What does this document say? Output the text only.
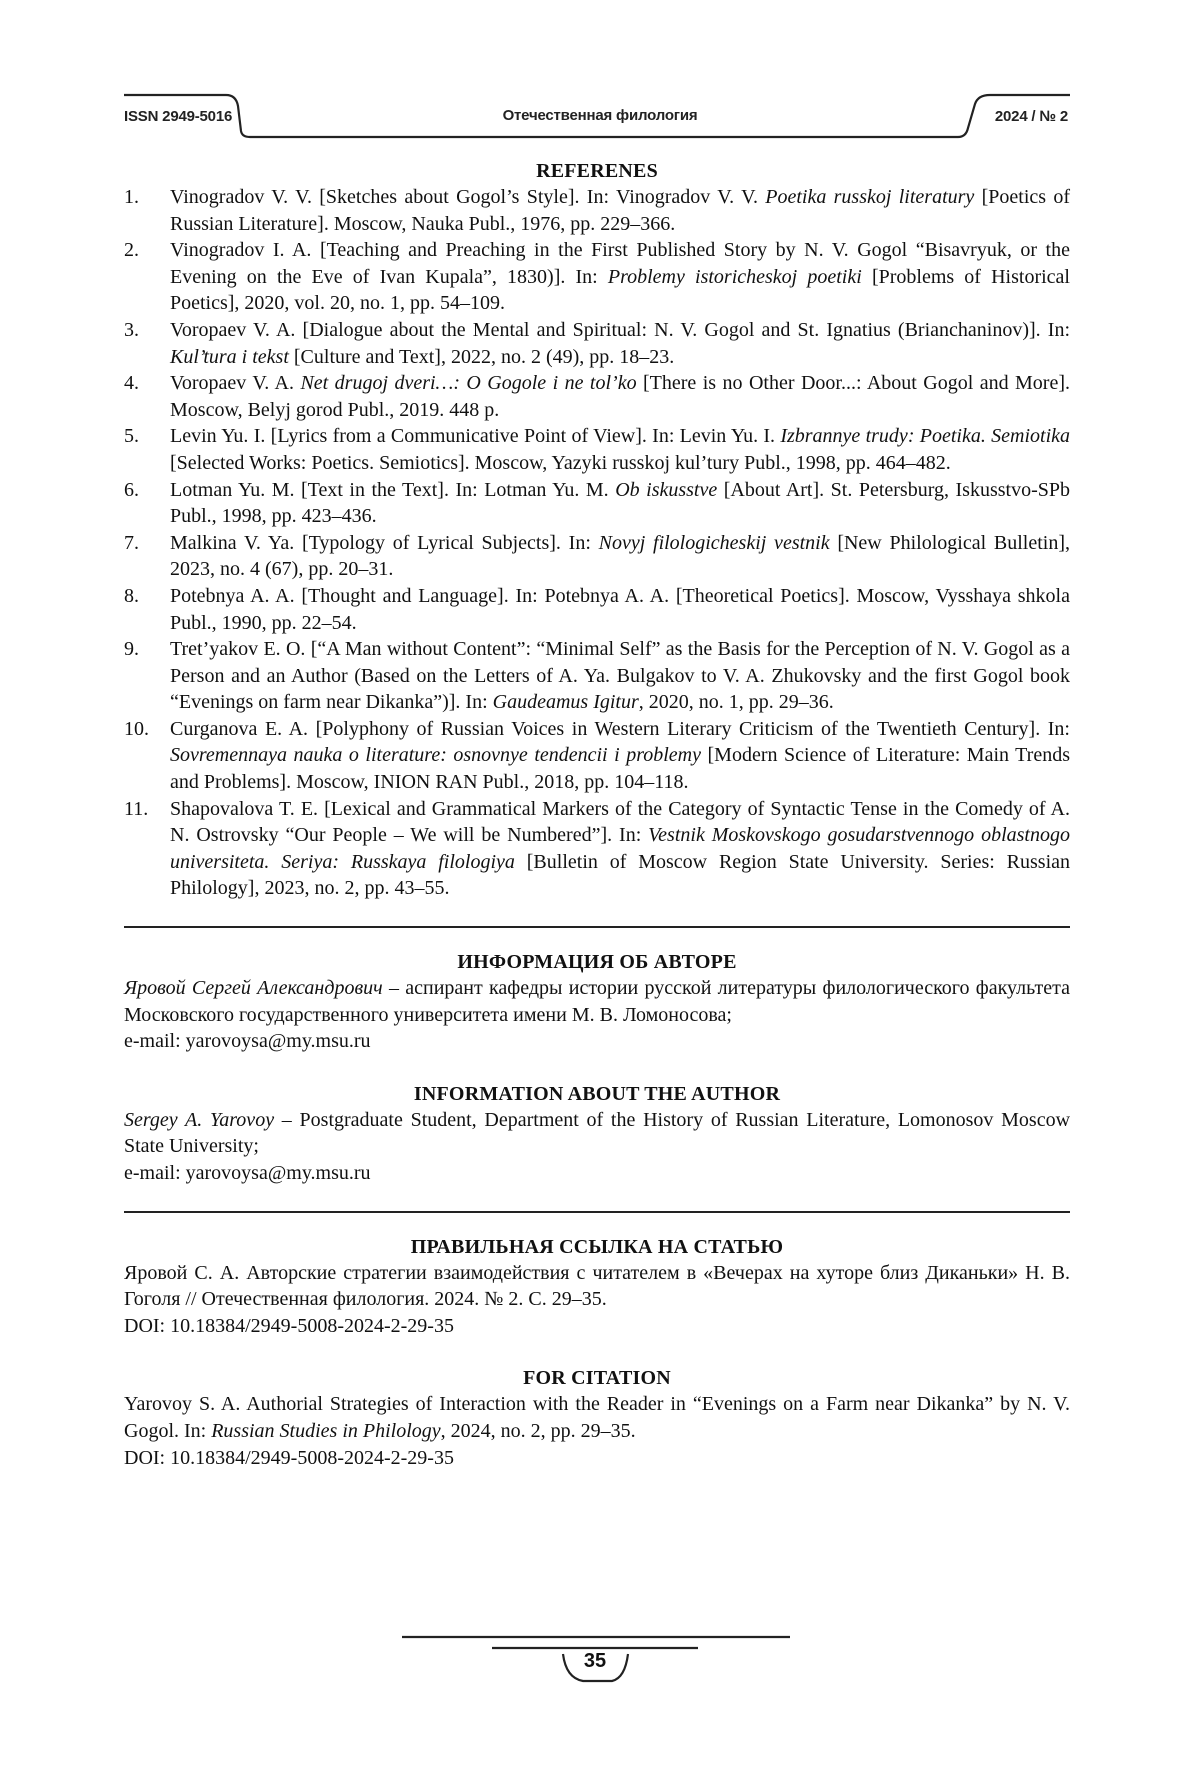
ISSN 2949-5016	Отечественная филология	2024 / № 2
REFERENES
1. Vinogradov V. V. [Sketches about Gogol’s Style]. In: Vinogradov V. V. Poetika russkoj literatury [Poetics of Russian Literature]. Moscow, Nauka Publ., 1976, pp. 229–366.
2. Vinogradov I. A. [Teaching and Preaching in the First Published Story by N. V. Gogol “Bisavryuk, or the Evening on the Eve of Ivan Kupala”, 1830)]. In: Problemy istoricheskoj poetiki [Problems of Historical Poetics], 2020, vol. 20, no. 1, pp. 54–109.
3. Voropaev V. A. [Dialogue about the Mental and Spiritual: N. V. Gogol and St. Ignatius (Brianchaninov)]. In: Kul’tura i tekst [Culture and Text], 2022, no. 2 (49), pp. 18–23.
4. Voropaev V. A. Net drugoj dveri…: O Gogole i ne tol’ko [There is no Other Door...: About Gogol and More]. Moscow, Belyj gorod Publ., 2019. 448 p.
5. Levin Yu. I. [Lyrics from a Communicative Point of View]. In: Levin Yu. I. Izbrannye trudy: Poetika. Semiotika [Selected Works: Poetics. Semiotics]. Moscow, Yazyki russkoj kul’tury Publ., 1998, pp. 464–482.
6. Lotman Yu. M. [Text in the Text]. In: Lotman Yu. M. Ob iskusstve [About Art]. St. Petersburg, Iskusstvo-SPb Publ., 1998, pp. 423–436.
7. Malkina V. Ya. [Typology of Lyrical Subjects]. In: Novyj filologicheskij vestnik [New Philological Bulletin], 2023, no. 4 (67), pp. 20–31.
8. Potebnya A. A. [Thought and Language]. In: Potebnya A. A. [Theoretical Poetics]. Moscow, Vysshaya shkola Publ., 1990, pp. 22–54.
9. Tret’yakov E. O. [“A Man without Content”: “Minimal Self” as the Basis for the Perception of N. V. Gogol as a Person and an Author (Based on the Letters of A. Ya. Bulgakov to V. A. Zhukovsky and the first Gogol book “Evenings on farm near Dikanka”)]. In: Gaudeamus Igitur, 2020, no. 1, pp. 29–36.
10. Curganova E. A. [Polyphony of Russian Voices in Western Literary Criticism of the Twentieth Century]. In: Sovremennaya nauka o literature: osnovnye tendencii i problemy [Modern Science of Literature: Main Trends and Problems]. Moscow, INION RAN Publ., 2018, pp. 104–118.
11. Shapovalova T. E. [Lexical and Grammatical Markers of the Category of Syntactic Tense in the Comedy of A. N. Ostrovsky “Our People – We will be Numbered”]. In: Vestnik Moskovskogo gosudarstvennogo oblastnogo universiteta. Seriya: Russkaya filologiya [Bulletin of Moscow Region State University. Series: Russian Philology], 2023, no. 2, pp. 43–55.
ИНФОРМАЦИЯ ОБ АВТОРЕ
Яровой Сергей Александрович – аспирант кафедры истории русской литературы филологического факультета Московского государственного университета имени М. В. Ломоносова;
e-mail: yarovoysa@my.msu.ru
INFORMATION ABOUT THE AUTHOR
Sergey A. Yarovoy – Postgraduate Student, Department of the History of Russian Literature, Lomonosov Moscow State University;
e-mail: yarovoysa@my.msu.ru
ПРАВИЛЬНАЯ ССЫЛКА НА СТАТЬЮ
Яровой С. А. Авторские стратегии взаимодействия с читателем в «Вечерах на хуторе близ Диканьки» Н. В. Гоголя // Отечественная филология. 2024. № 2. С. 29–35.
DOI: 10.18384/2949-5008-2024-2-29-35
FOR CITATION
Yarovoy S. A. Authorial Strategies of Interaction with the Reader in “Evenings on a Farm near Dikanka” by N. V. Gogol. In: Russian Studies in Philology, 2024, no. 2, pp. 29–35.
DOI: 10.18384/2949-5008-2024-2-29-35
35
